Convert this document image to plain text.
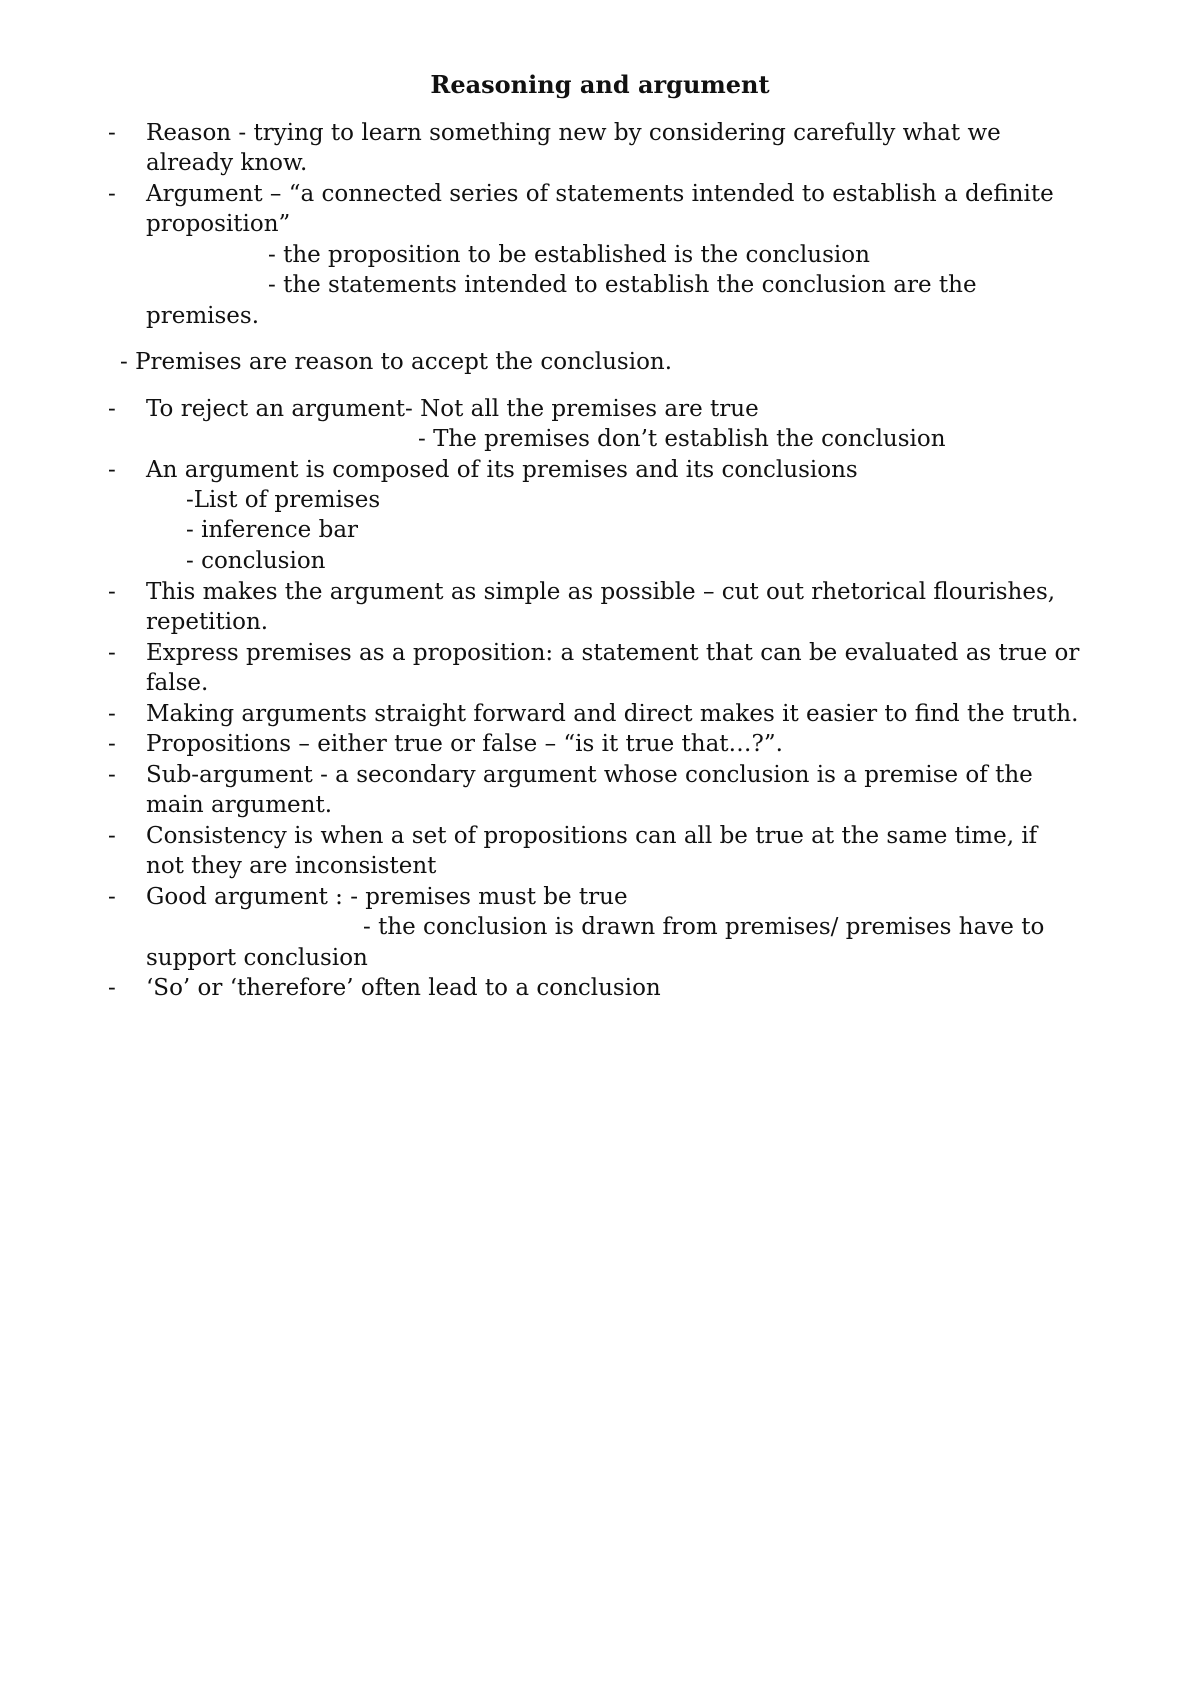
Reasoning and argument
- Reason - trying to learn something new by considering carefully what we
already know.
- Argument – “a connected series of statements intended to establish a definite
proposition”
- the proposition to be established is the conclusion
- the statements intended to establish the conclusion are the
premises.
- Premises are reason to accept the conclusion.
- To reject an argument- Not all the premises are true
- The premises don’t establish the conclusion
- An argument is composed of its premises and its conclusions
-List of premises
- inference bar
- conclusion
- This makes the argument as simple as possible – cut out rhetorical flourishes,
repetition.
- Express premises as a proposition: a statement that can be evaluated as true or
false.
- Making arguments straight forward and direct makes it easier to find the truth.
- Propositions – either true or false – “is it true that…?”.
- Sub-argument - a secondary argument whose conclusion is a premise of the
main argument.
- Consistency is when a set of propositions can all be true at the same time, if
not they are inconsistent
- Good argument : - premises must be true
- the conclusion is drawn from premises/ premises have to
support conclusion
- ‘So’ or ‘therefore’ often lead to a conclusion
